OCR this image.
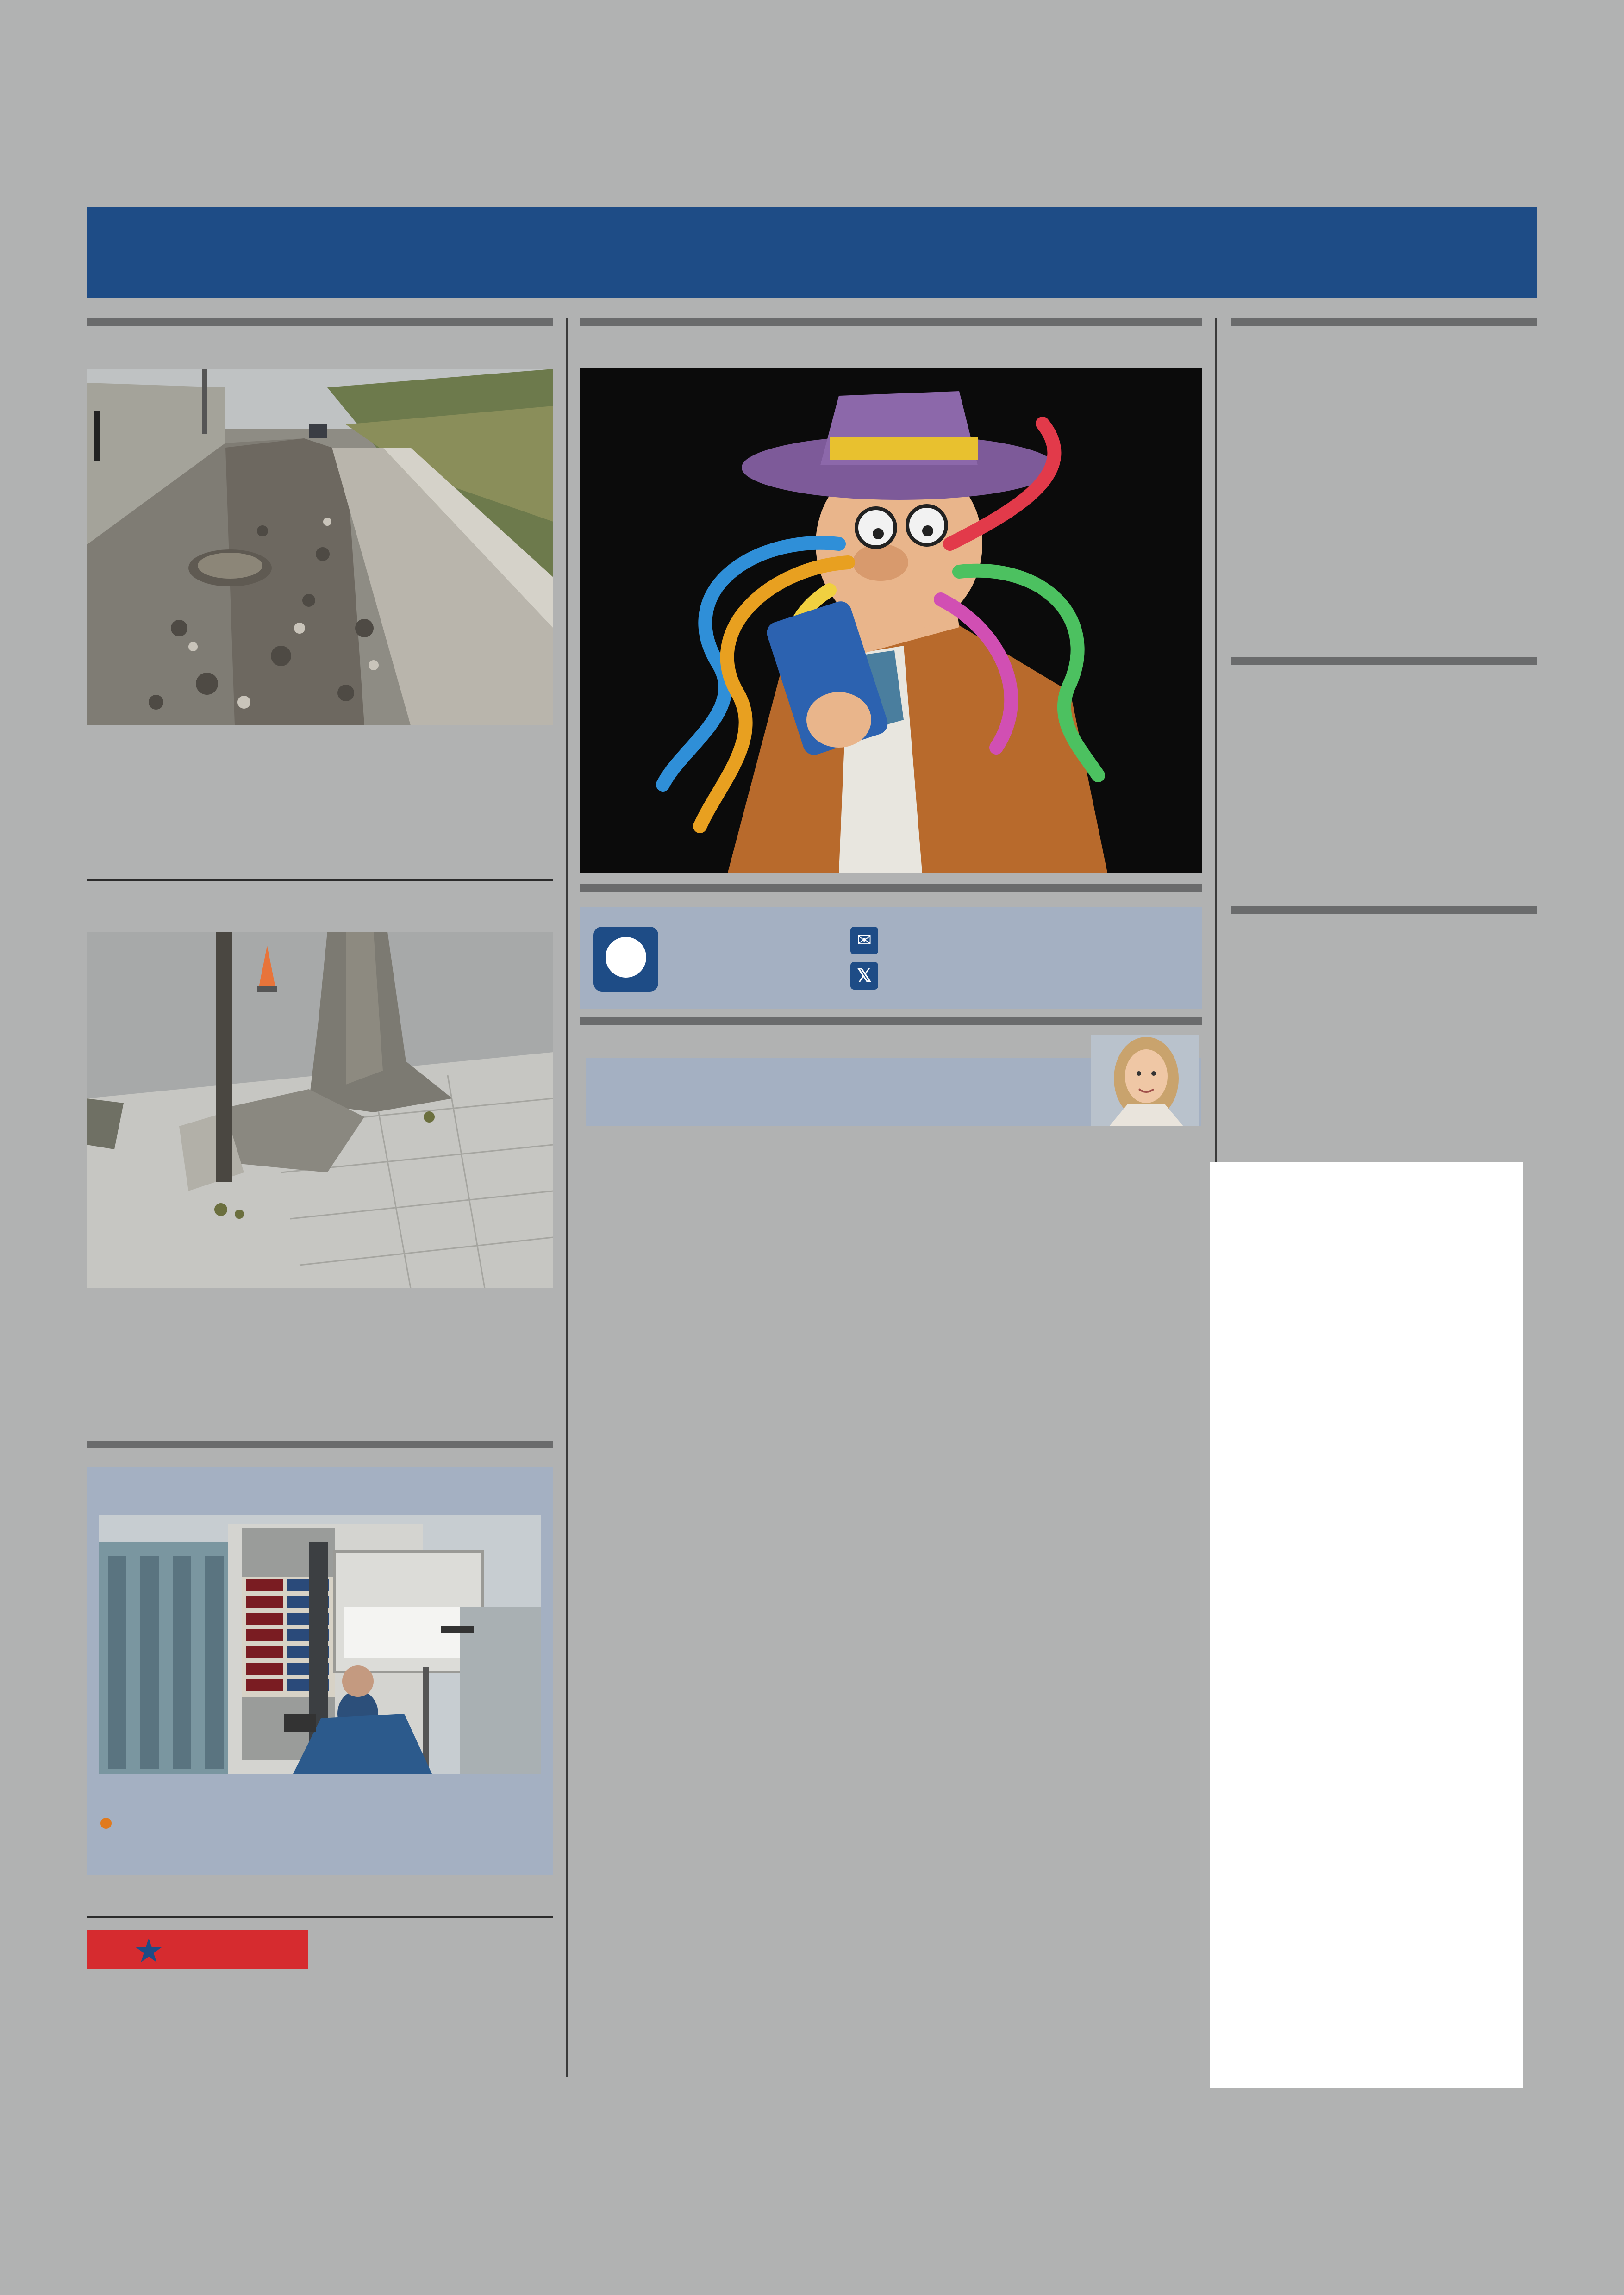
★
✉
𝕏
